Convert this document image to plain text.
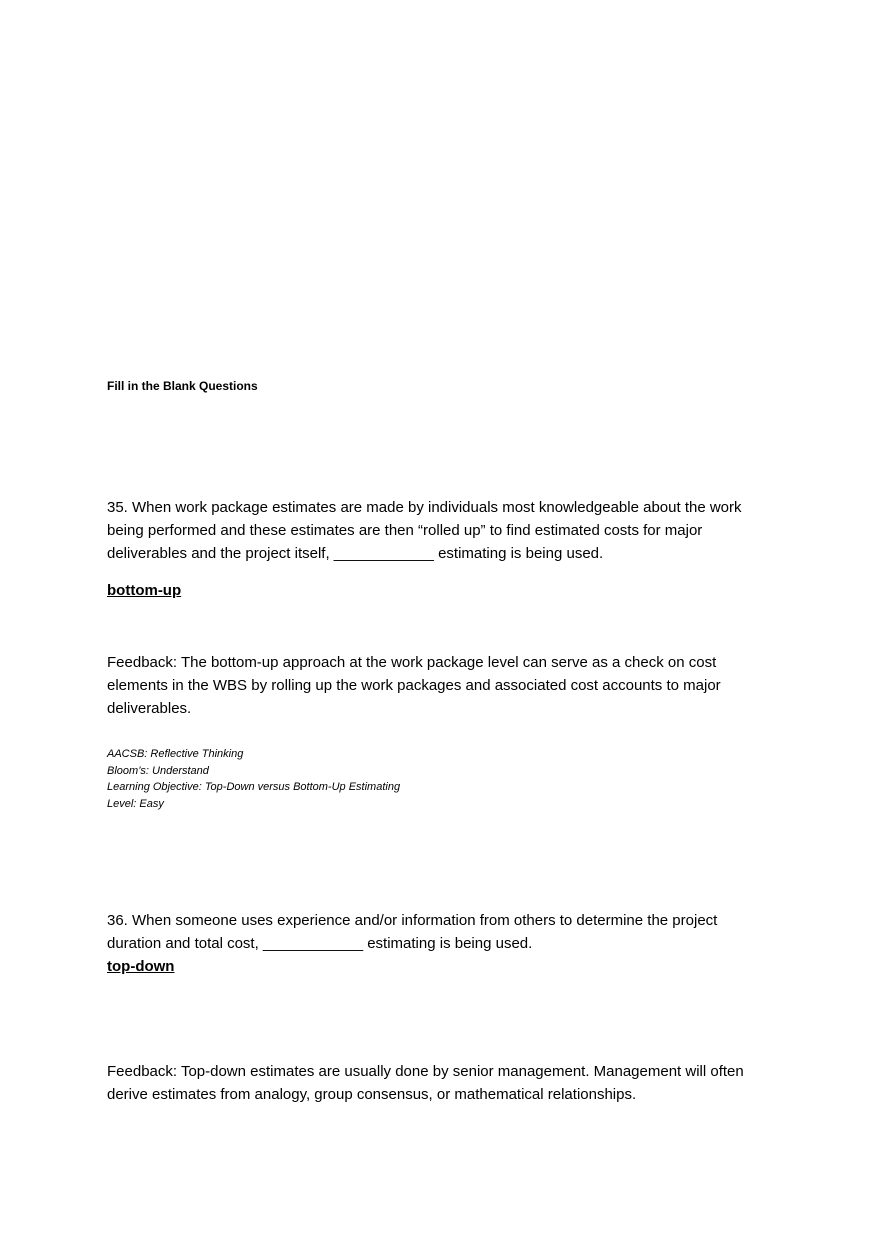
Fill in the Blank Questions

35. When work package estimates are made by individuals most knowledgeable about the work being performed and these estimates are then “rolled up” to find estimated costs for major deliverables and the project itself, ____________ estimating is being used.

bottom-up

Feedback: The bottom-up approach at the work package level can serve as a check on cost elements in the WBS by rolling up the work packages and associated cost accounts to major deliverables.

AACSB: Reflective Thinking
Bloom’s: Understand
Learning Objective: Top-Down versus Bottom-Up Estimating
Level: Easy

36. When someone uses experience and/or information from others to determine the project duration and total cost, ____________ estimating is being used.

top-down

Feedback: Top-down estimates are usually done by senior management. Management will often derive estimates from analogy, group consensus, or mathematical relationships.
